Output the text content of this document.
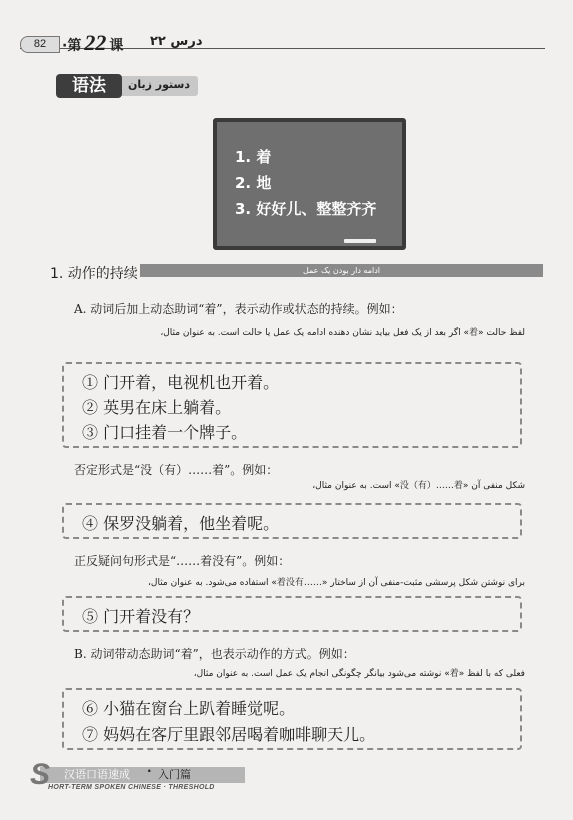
82	·第 22 课 درس ۲۲
语法	دستور زبان
1. 着
2. 地
3. 好好儿、整整齐齐
1. 动作的持续	ادامه دار بودن یک عمل
A. 动词后加上动态助词“着”，表示动作或状态的持续。例如：
لفظ حالت «着» اگر بعد از یک فعل بیاید نشان دهنده ادامه یک عمل یا حالت است. به عنوان مثال،
① 门开着，电视机也开着。
② 英男在床上躺着。
③ 门口挂着一个牌子。
否定形式是“没（有）……着”。例如：
شکل منفی آن «没（有）……着» است. به عنوان مثال،
④ 保罗没躺着，他坐着呢。
正反疑问句形式是“……着没有”。例如：
برای نوشتن شکل پرسشی مثبت-منفی آن از ساختار «……着没有» استفاده می‌شود. به عنوان مثال،
⑤ 门开着没有？
B. 动词带动态助词“着”，也表示动作的方式。例如：
فعلی که با لفظ «着» نوشته می‌شود بیانگر چگونگی انجام یک عمل است. به عنوان مثال،
⑥ 小猫在窗台上趴着睡觉呢。
⑦ 妈妈在客厅里跟邻居喝着咖啡聊天儿。
S	汉语口语速成 · 入门篇
HORT-TERM SPOKEN CHINESE · THRESHOLD
